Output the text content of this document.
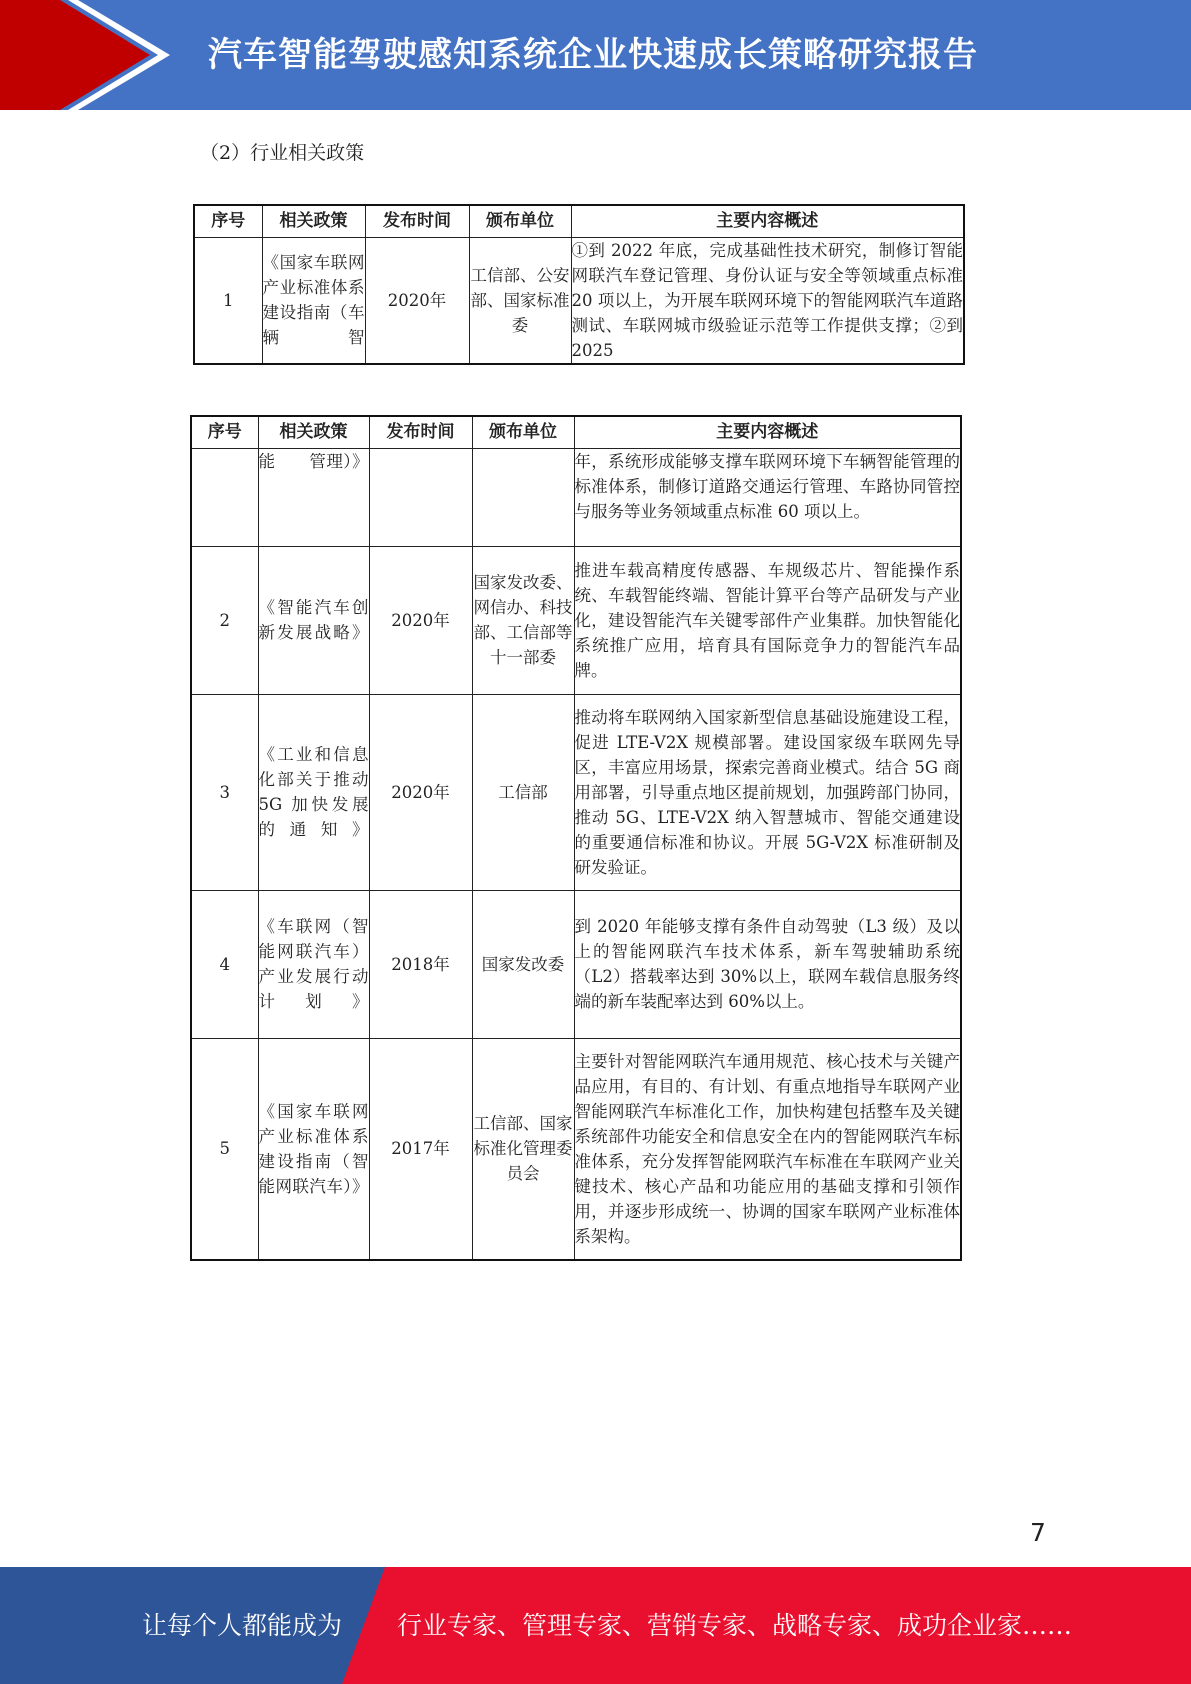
汽车智能驾驶感知系统企业快速成长策略研究报告
（2）行业相关政策
序号	相关政策	发布时间	颁布单位	主要内容概述
1	《国家车联网产业标准体系建设指南（车辆智	2020年	工信部、公安部、国家标准委	①到 2022 年底，完成基础性技术研究，制修订智能网联汽车登记管理、身份认证与安全等领域重点标准 20 项以上，为开展车联网环境下的智能网联汽车道路测试、车联网城市级验证示范等工作提供支撑；②到 2025
序号	相关政策	发布时间	颁布单位	主要内容概述
	能　　管理）》			年，系统形成能够支撑车联网环境下车辆智能管理的标准体系，制修订道路交通运行管理、车路协同管控与服务等业务领域重点标准 60 项以上。
2	《智能汽车创新发展战略》	2020年	国家发改委、网信办、科技部、工信部等十一部委	推进车载高精度传感器、车规级芯片、智能操作系统、车载智能终端、智能计算平台等产品研发与产业化，建设智能汽车关键零部件产业集群。加快智能化系统推广应用，培育具有国际竞争力的智能汽车品牌。
3	《工业和信息化部关于推动5G 加快发展的通知》	2020年	工信部	推动将车联网纳入国家新型信息基础设施建设工程，促进 LTE-V2X 规模部署。建设国家级车联网先导区，丰富应用场景，探索完善商业模式。结合 5G 商用部署，引导重点地区提前规划，加强跨部门协同，推动 5G、LTE-V2X 纳入智慧城市、智能交通建设的重要通信标准和协议。开展 5G-V2X 标准研制及研发验证。
4	《车联网（智能网联汽车）产业发展行动计划》	2018年	国家发改委	到 2020 年能够支撑有条件自动驾驶（L3 级）及以上的智能网联汽车技术体系，新车驾驶辅助系统（L2）搭载率达到 30%以上，联网车载信息服务终端的新车装配率达到 60%以上。
5	《国家车联网产业标准体系建设指南（智能网联汽车）》	2017年	工信部、国家标准化管理委员会	主要针对智能网联汽车通用规范、核心技术与关键产品应用，有目的、有计划、有重点地指导车联网产业智能网联汽车标准化工作，加快构建包括整车及关键系统部件功能安全和信息安全在内的智能网联汽车标准体系，充分发挥智能网联汽车标准在车联网产业关键技术、核心产品和功能应用的基础支撑和引领作用，并逐步形成统一、协调的国家车联网产业标准体系架构。
7
让每个人都能成为 行业专家、管理专家、营销专家、战略专家、成功企业家……
